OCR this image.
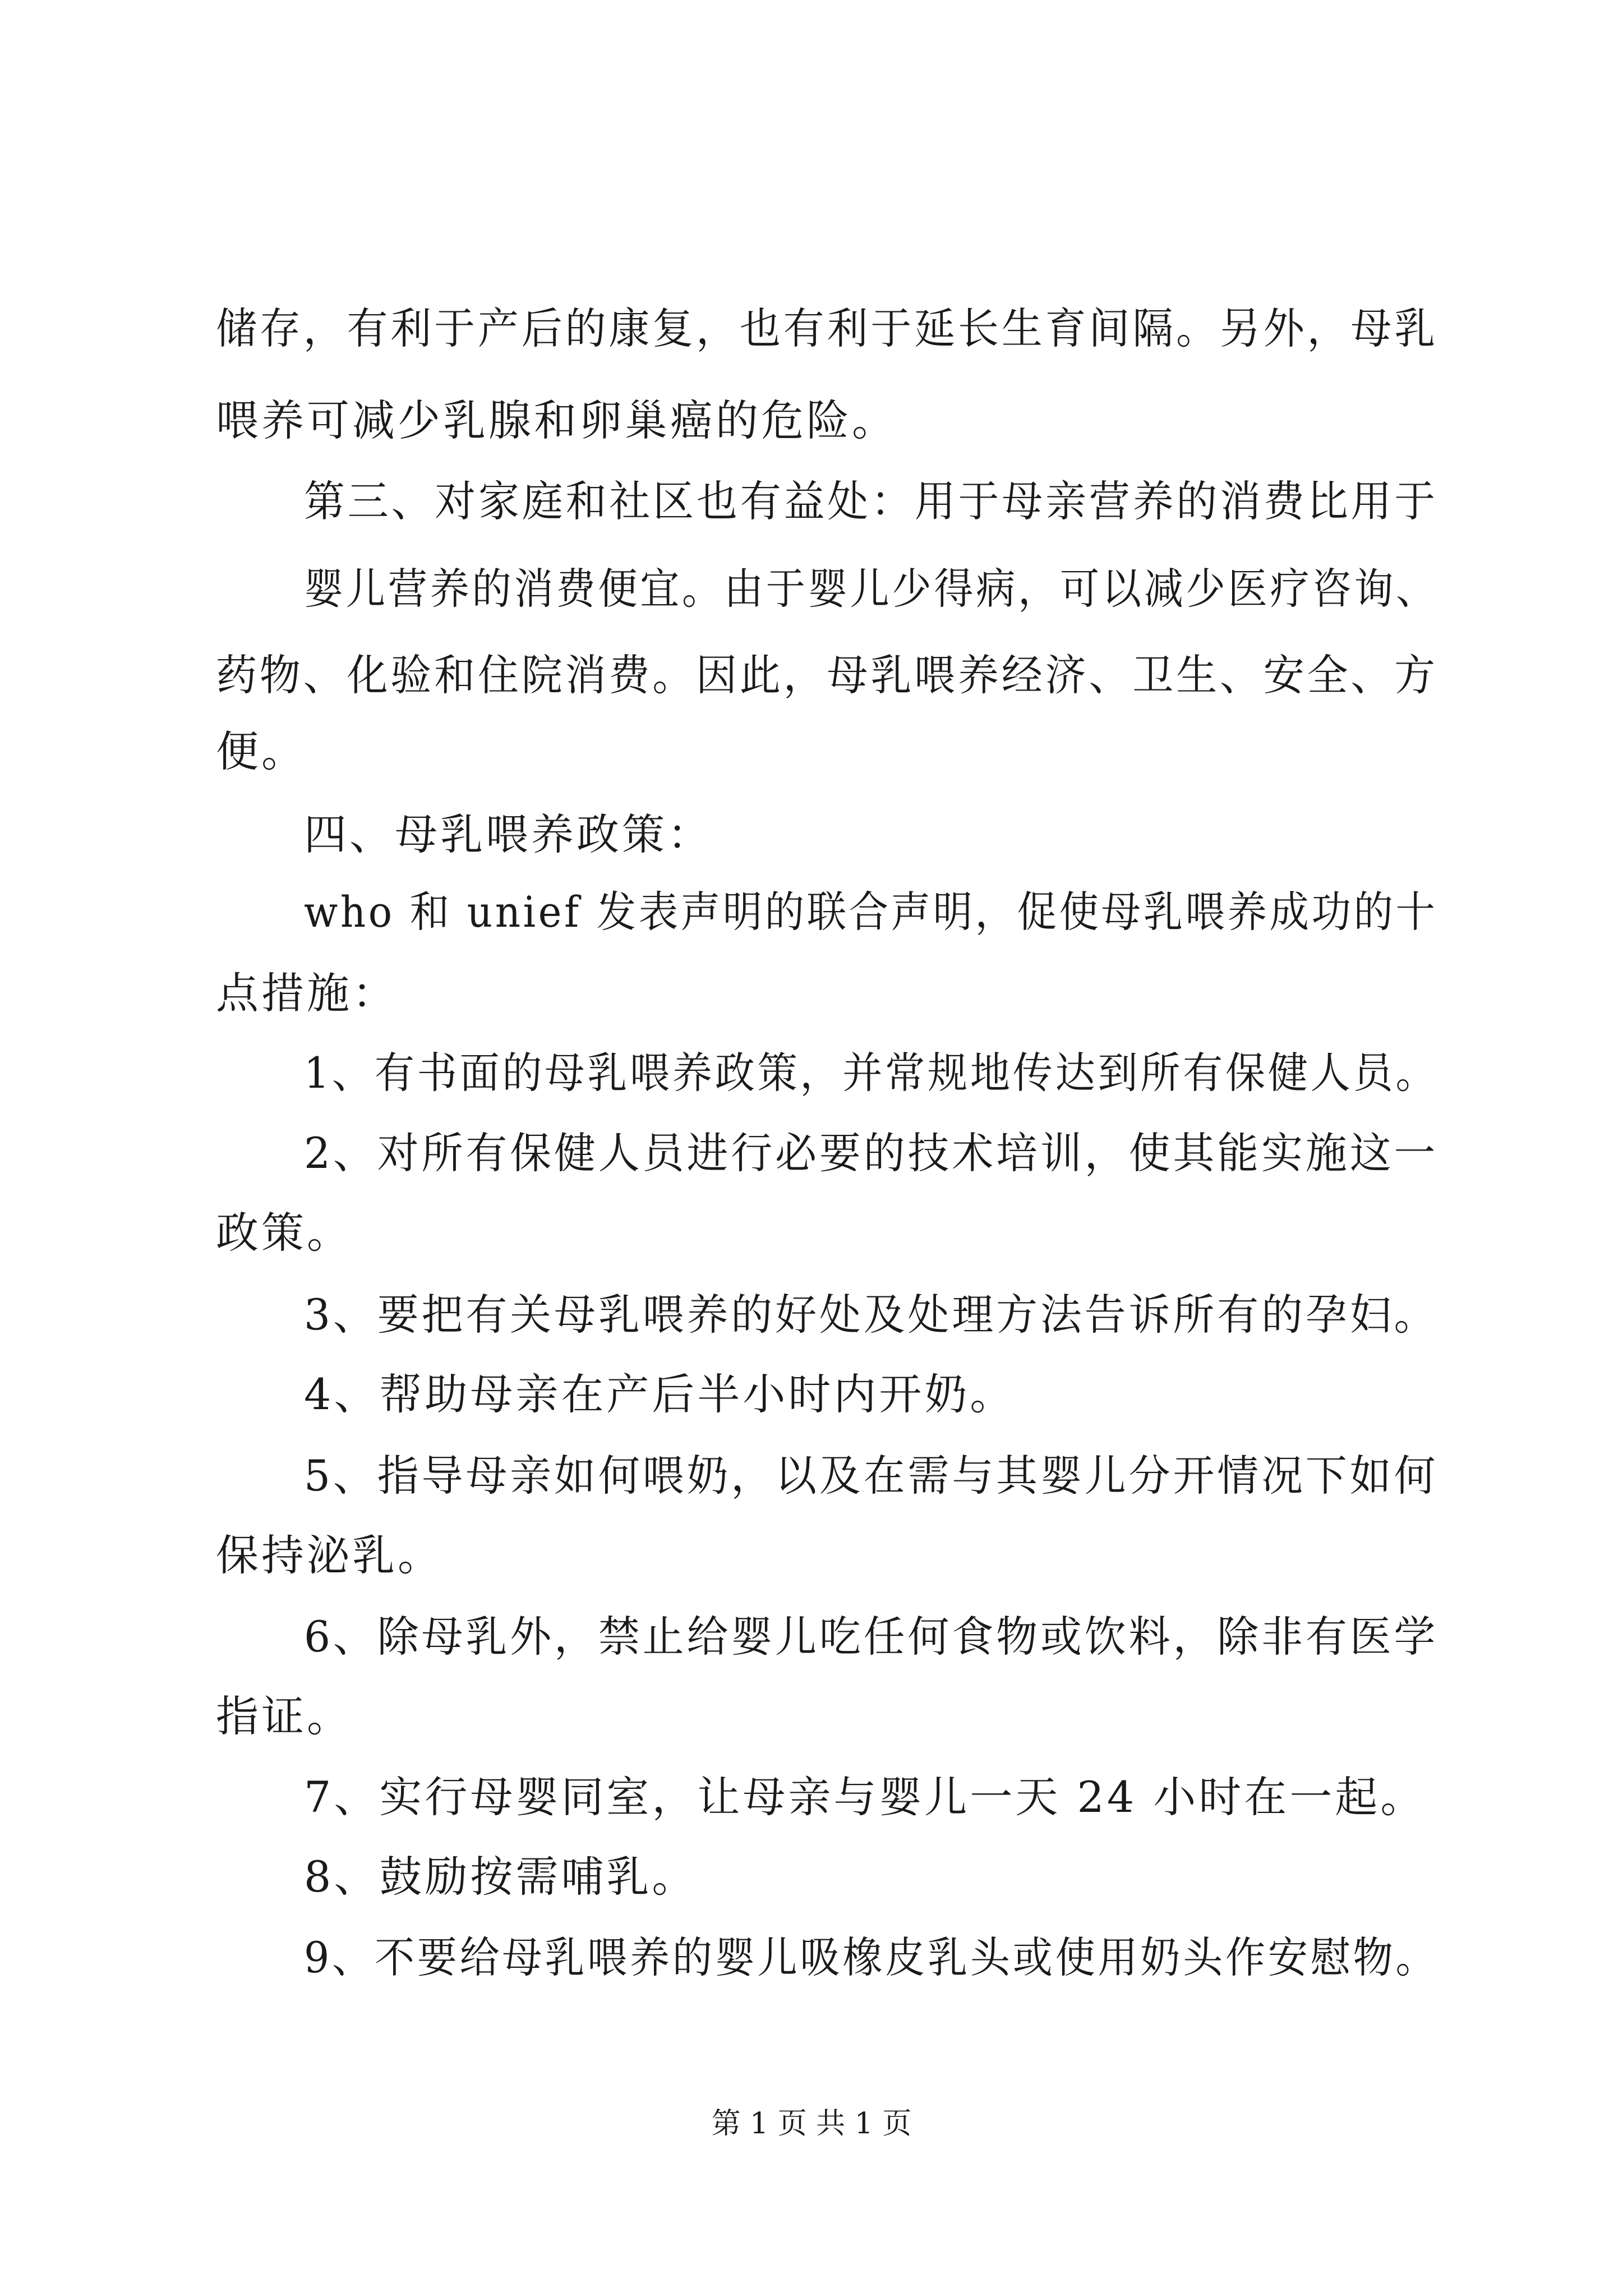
储存，有利于产后的康复，也有利于延长生育间隔。另外，母乳
喂养可减少乳腺和卵巢癌的危险。
第三、对家庭和社区也有益处：用于母亲营养的消费比用于
婴儿营养的消费便宜。由于婴儿少得病，可以减少医疗咨询、
药物、化验和住院消费。因此，母乳喂养经济、卫生、安全、方
便。
四、母乳喂养政策：
who 和 unief 发表声明的联合声明，促使母乳喂养成功的十
点措施：
1、有书面的母乳喂养政策，并常规地传达到所有保健人员。
2、对所有保健人员进行必要的技术培训，使其能实施这一
政策。
3、要把有关母乳喂养的好处及处理方法告诉所有的孕妇。
4、帮助母亲在产后半小时内开奶。
5、指导母亲如何喂奶，以及在需与其婴儿分开情况下如何
保持泌乳。
6、除母乳外，禁止给婴儿吃任何食物或饮料，除非有医学
指证。
7、实行母婴同室，让母亲与婴儿一天 24 小时在一起。
8、鼓励按需哺乳。
9、不要给母乳喂养的婴儿吸橡皮乳头或使用奶头作安慰物。
第 1 页 共 1 页
